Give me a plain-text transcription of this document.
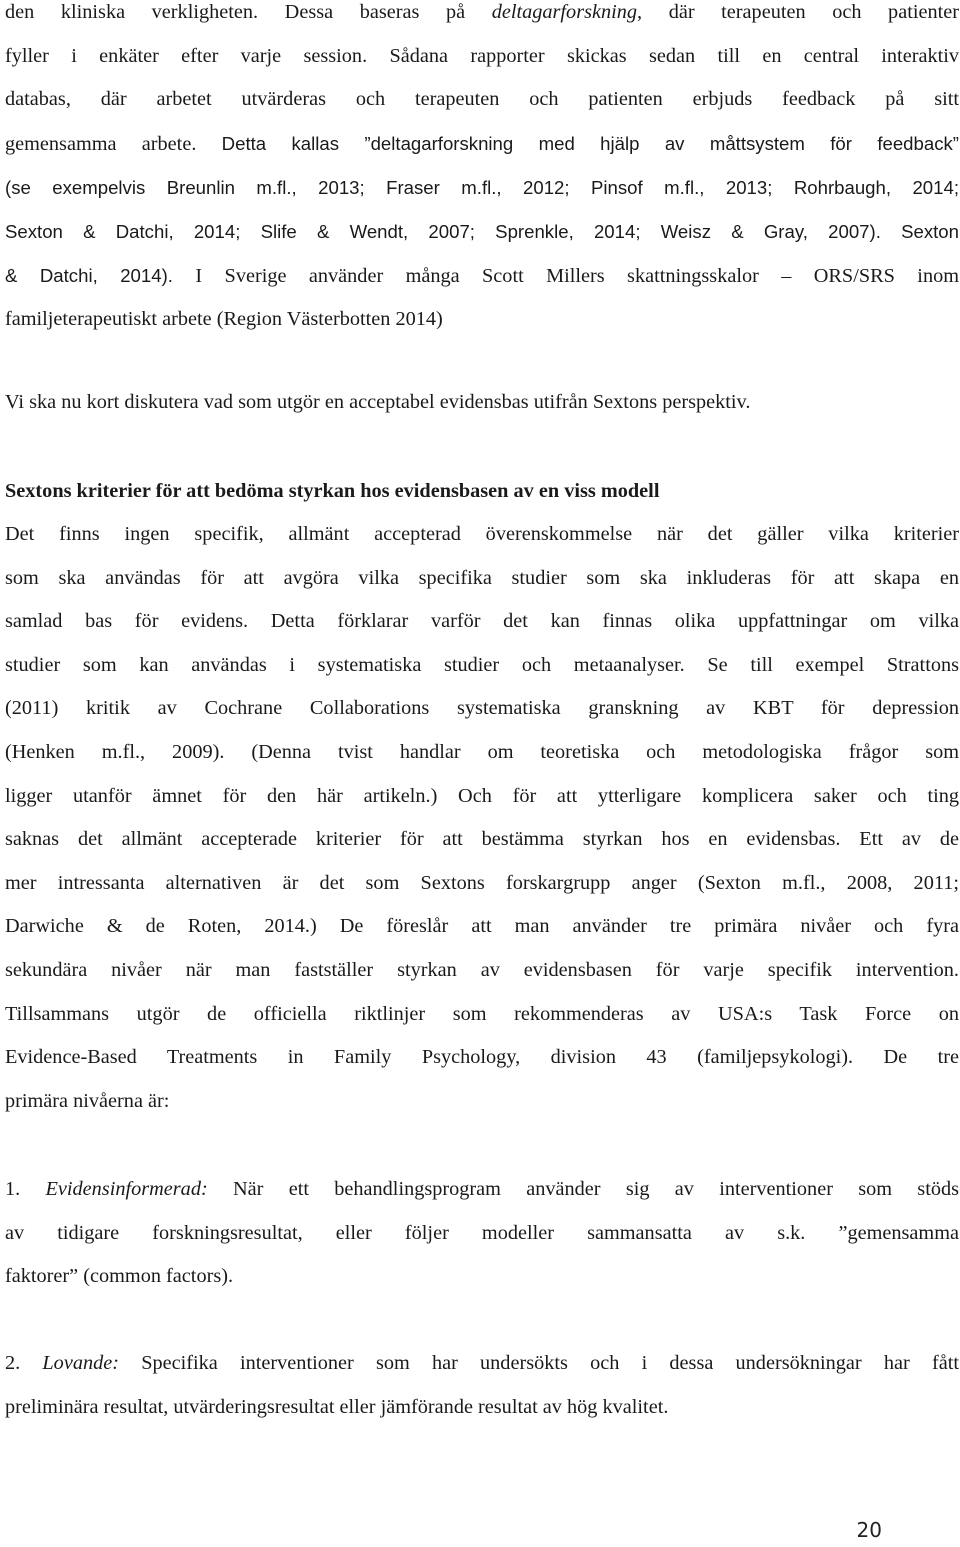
den kliniska verkligheten. Dessa baseras på deltagarforskning, där terapeuten och patienter
fyller i enkäter efter varje session. Sådana rapporter skickas sedan till en central interaktiv
databas, där arbetet utvärderas och terapeuten och patienten erbjuds feedback på sitt
gemensamma arbete. Detta kallas ”deltagarforskning med hjälp av måttsystem för feedback”
(se exempelvis Breunlin m.fl., 2013; Fraser m.fl., 2012; Pinsof m.fl., 2013; Rohrbaugh, 2014;
Sexton & Datchi, 2014; Slife & Wendt, 2007; Sprenkle, 2014; Weisz & Gray, 2007). Sexton
& Datchi, 2014). I Sverige använder många Scott Millers skattningsskalor – ORS/SRS inom
familjeterapeutiskt arbete (Region Västerbotten 2014)

Vi ska nu kort diskutera vad som utgör en acceptabel evidensbas utifrån Sextons perspektiv.

Sextons kriterier för att bedöma styrkan hos evidensbasen av en viss modell
Det finns ingen specifik, allmänt accepterad överenskommelse när det gäller vilka kriterier
som ska användas för att avgöra vilka specifika studier som ska inkluderas för att skapa en
samlad bas för evidens. Detta förklarar varför det kan finnas olika uppfattningar om vilka
studier som kan användas i systematiska studier och metaanalyser. Se till exempel Strattons
(2011) kritik av Cochrane Collaborations systematiska granskning av KBT för depression
(Henken m.fl., 2009). (Denna tvist handlar om teoretiska och metodologiska frågor som
ligger utanför ämnet för den här artikeln.) Och för att ytterligare komplicera saker och ting
saknas det allmänt accepterade kriterier för att bestämma styrkan hos en evidensbas. Ett av de
mer intressanta alternativen är det som Sextons forskargrupp anger (Sexton m.fl., 2008, 2011;
Darwiche & de Roten, 2014.) De föreslår att man använder tre primära nivåer och fyra
sekundära nivåer när man fastställer styrkan av evidensbasen för varje specifik intervention.
Tillsammans utgör de officiella riktlinjer som rekommenderas av USA:s Task Force on
Evidence-Based Treatments in Family Psychology, division 43 (familjepsykologi). De tre
primära nivåerna är:
1. Evidensinformerad: När ett behandlingsprogram använder sig av interventioner som stöds
av tidigare forskningsresultat, eller följer modeller sammansatta av s.k. ”gemensamma
faktorer” (common factors).
2. Lovande: Specifika interventioner som har undersökts och i dessa undersökningar har fått
preliminära resultat, utvärderingsresultat eller jämförande resultat av hög kvalitet.
20
